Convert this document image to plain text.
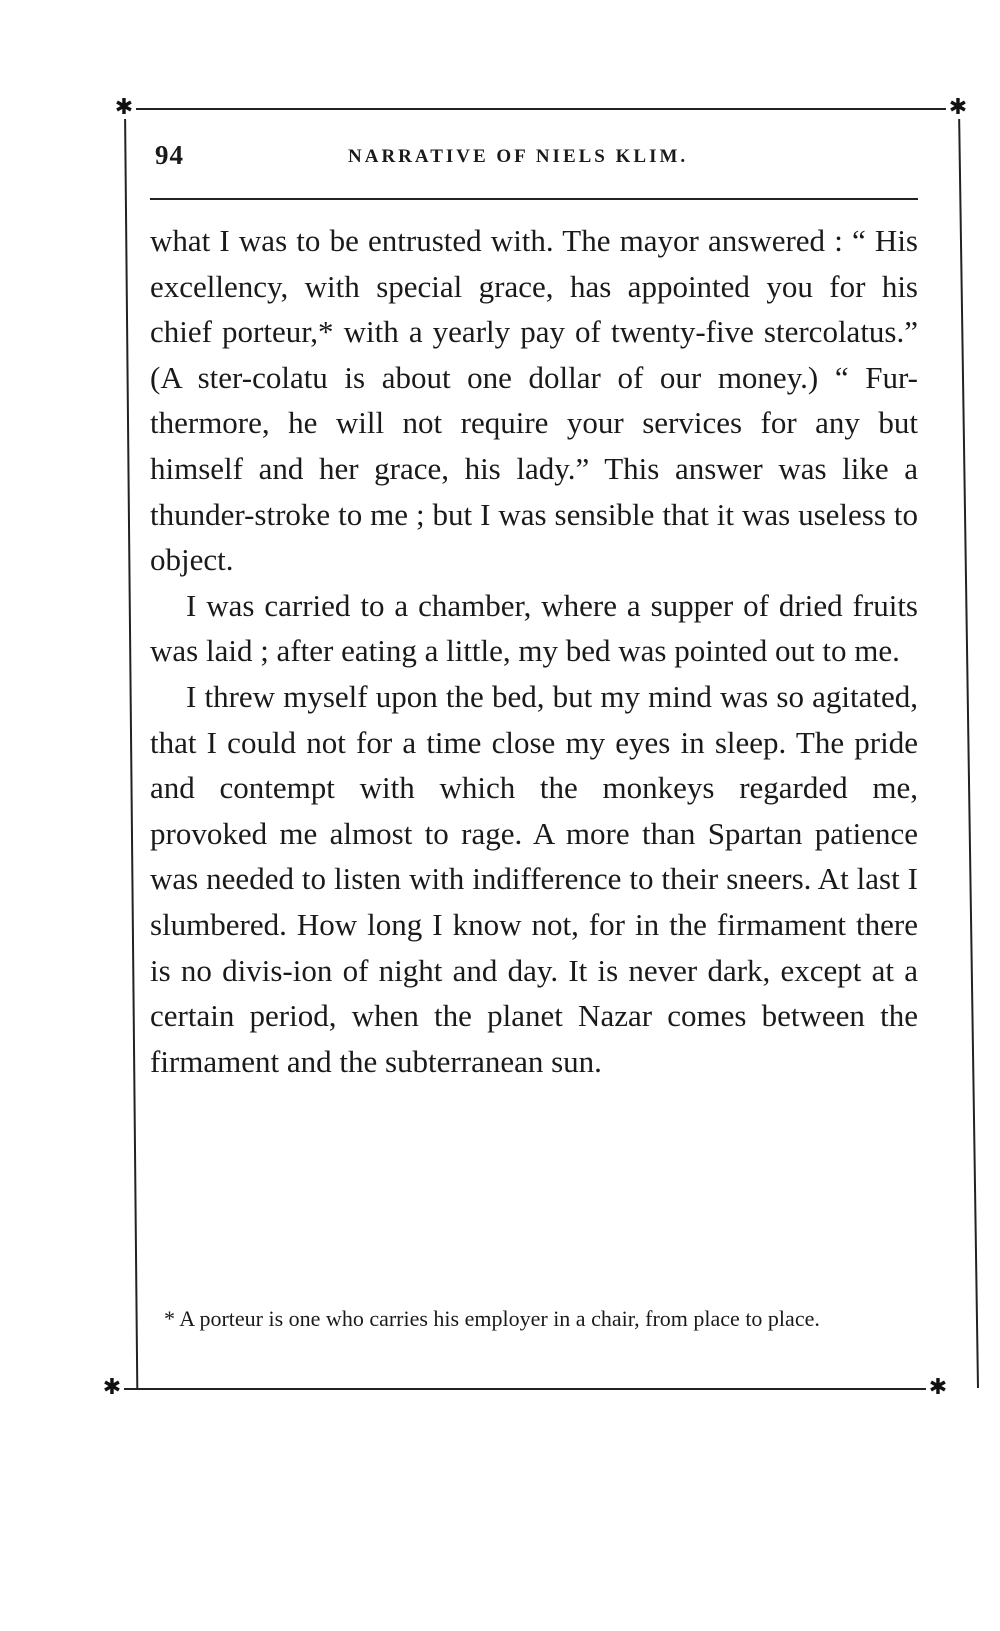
✱	✱
✱	✱
94	NARRATIVE OF NIELS KLIM.

what I was to be entrusted with. The mayor answered : “ His excellency, with special grace, has appointed you for his chief porteur,* with a yearly pay of twenty-five stercolatus.” (A ster-colatu is about one dollar of our money.) “ Fur-thermore, he will not require your services for any but himself and her grace, his lady.” This answer was like a thunder-stroke to me ; but I was sensible that it was useless to object.

I was carried to a chamber, where a supper of dried fruits was laid ; after eating a little, my bed was pointed out to me.

I threw myself upon the bed, but my mind was so agitated, that I could not for a time close my eyes in sleep. The pride and contempt with which the monkeys regarded me, provoked me almost to rage. A more than Spartan patience was needed to listen with indifference to their sneers. At last I slumbered. How long I know not, for in the firmament there is no divis-ion of night and day. It is never dark, except at a certain period, when the planet Nazar comes between the firmament and the subterranean sun.

* A porteur is one who carries his employer in a chair, from place to place.
